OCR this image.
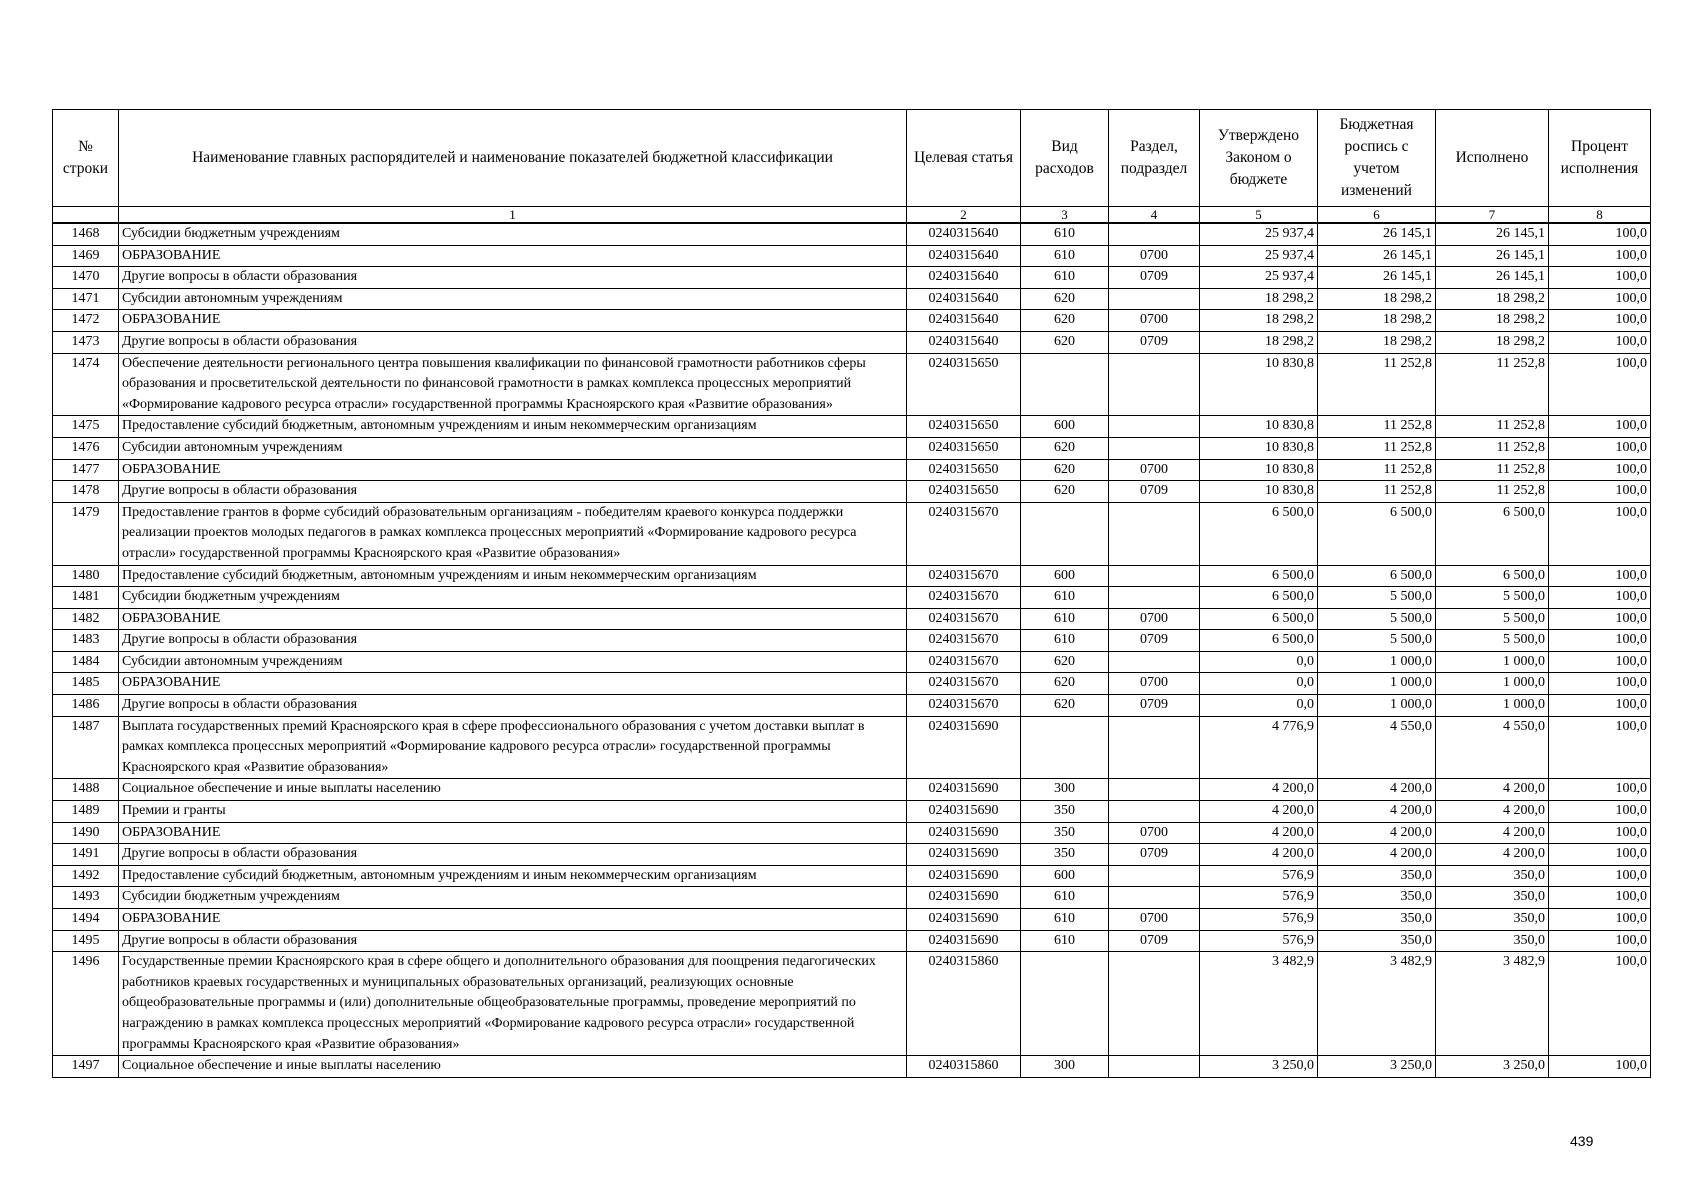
№ строки	Наименование главных распорядителей и наименование показателей бюджетной классификации	Целевая статья	Вид расходов	Раздел, подраздел	Утверждено Законом о бюджете	Бюджетная роспись с учетом изменений	Исполнено	Процент исполнения
	1	2	3	4	5	6	7	8
1468	Субсидии бюджетным учреждениям	0240315640	610		25 937,4	26 145,1	26 145,1	100,0
1469	ОБРАЗОВАНИЕ	0240315640	610	0700	25 937,4	26 145,1	26 145,1	100,0
1470	Другие вопросы в области образования	0240315640	610	0709	25 937,4	26 145,1	26 145,1	100,0
1471	Субсидии автономным учреждениям	0240315640	620		18 298,2	18 298,2	18 298,2	100,0
1472	ОБРАЗОВАНИЕ	0240315640	620	0700	18 298,2	18 298,2	18 298,2	100,0
1473	Другие вопросы в области образования	0240315640	620	0709	18 298,2	18 298,2	18 298,2	100,0
1474	Обеспечение деятельности регионального центра повышения квалификации по финансовой грамотности работников сферы образования и просветительской деятельности по финансовой грамотности в рамках комплекса процессных мероприятий «Формирование кадрового ресурса отрасли» государственной программы Красноярского края «Развитие образования»	0240315650			10 830,8	11 252,8	11 252,8	100,0
1475	Предоставление субсидий бюджетным, автономным учреждениям и иным некоммерческим организациям	0240315650	600		10 830,8	11 252,8	11 252,8	100,0
1476	Субсидии автономным учреждениям	0240315650	620		10 830,8	11 252,8	11 252,8	100,0
1477	ОБРАЗОВАНИЕ	0240315650	620	0700	10 830,8	11 252,8	11 252,8	100,0
1478	Другие вопросы в области образования	0240315650	620	0709	10 830,8	11 252,8	11 252,8	100,0
1479	Предоставление грантов в форме субсидий образовательным организациям - победителям краевого конкурса поддержки реализации проектов молодых педагогов в рамках комплекса процессных мероприятий «Формирование кадрового ресурса отрасли» государственной программы Красноярского края «Развитие образования»	0240315670			6 500,0	6 500,0	6 500,0	100,0
1480	Предоставление субсидий бюджетным, автономным учреждениям и иным некоммерческим организациям	0240315670	600		6 500,0	6 500,0	6 500,0	100,0
1481	Субсидии бюджетным учреждениям	0240315670	610		6 500,0	5 500,0	5 500,0	100,0
1482	ОБРАЗОВАНИЕ	0240315670	610	0700	6 500,0	5 500,0	5 500,0	100,0
1483	Другие вопросы в области образования	0240315670	610	0709	6 500,0	5 500,0	5 500,0	100,0
1484	Субсидии автономным учреждениям	0240315670	620		0,0	1 000,0	1 000,0	100,0
1485	ОБРАЗОВАНИЕ	0240315670	620	0700	0,0	1 000,0	1 000,0	100,0
1486	Другие вопросы в области образования	0240315670	620	0709	0,0	1 000,0	1 000,0	100,0
1487	Выплата государственных премий Красноярского края в сфере профессионального образования с учетом доставки выплат в рамках комплекса процессных мероприятий «Формирование кадрового ресурса отрасли» государственной программы Красноярского края «Развитие образования»	0240315690			4 776,9	4 550,0	4 550,0	100,0
1488	Социальное обеспечение и иные выплаты населению	0240315690	300		4 200,0	4 200,0	4 200,0	100,0
1489	Премии и гранты	0240315690	350		4 200,0	4 200,0	4 200,0	100,0
1490	ОБРАЗОВАНИЕ	0240315690	350	0700	4 200,0	4 200,0	4 200,0	100,0
1491	Другие вопросы в области образования	0240315690	350	0709	4 200,0	4 200,0	4 200,0	100,0
1492	Предоставление субсидий бюджетным, автономным учреждениям и иным некоммерческим организациям	0240315690	600		576,9	350,0	350,0	100,0
1493	Субсидии бюджетным учреждениям	0240315690	610		576,9	350,0	350,0	100,0
1494	ОБРАЗОВАНИЕ	0240315690	610	0700	576,9	350,0	350,0	100,0
1495	Другие вопросы в области образования	0240315690	610	0709	576,9	350,0	350,0	100,0
1496	Государственные премии Красноярского края в сфере общего и дополнительного образования для поощрения педагогических работников краевых государственных и муниципальных образовательных организаций, реализующих основные общеобразовательные программы и (или) дополнительные общеобразовательные программы, проведение мероприятий по награждению в рамках комплекса процессных мероприятий «Формирование кадрового ресурса отрасли» государственной программы Красноярского края «Развитие образования»	0240315860			3 482,9	3 482,9	3 482,9	100,0
1497	Социальное обеспечение и иные выплаты населению	0240315860	300		3 250,0	3 250,0	3 250,0	100,0
439
